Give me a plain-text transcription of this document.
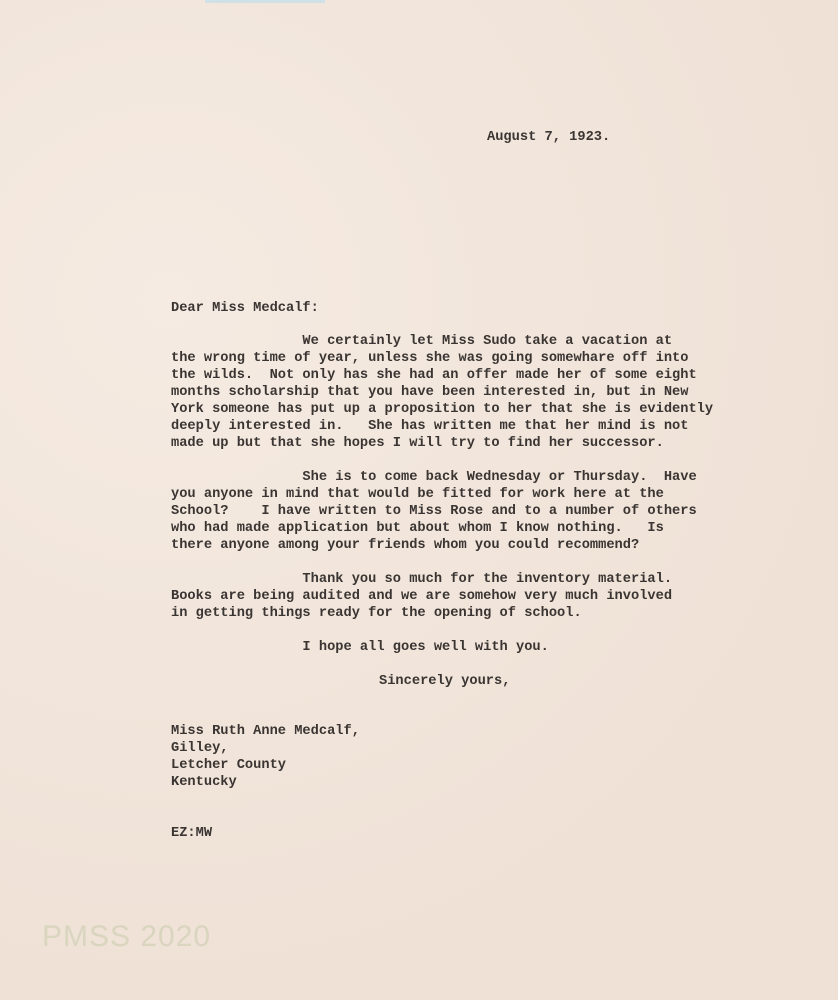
August 7, 1923.
Dear Miss Medcalf:
We certainly let Miss Sudo take a vacation at
the wrong time of year, unless she was going somewhare off into
the wilds.  Not only has she had an offer made her of some eight
months scholarship that you have been interested in, but in New
York someone has put up a proposition to her that she is evidently
deeply interested in.   She has written me that her mind is not
made up but that she hopes I will try to find her successor.
She is to come back Wednesday or Thursday.  Have
you anyone in mind that would be fitted for work here at the
School?    I have written to Miss Rose and to a number of others
who had made application but about whom I know nothing.   Is
there anyone among your friends whom you could recommend?
Thank you so much for the inventory material.
Books are being audited and we are somehow very much involved
in getting things ready for the opening of school.
I hope all goes well with you.
Sincerely yours,
Miss Ruth Anne Medcalf,
Gilley,
Letcher County
Kentucky
EZ:MW
PMSS 2020
